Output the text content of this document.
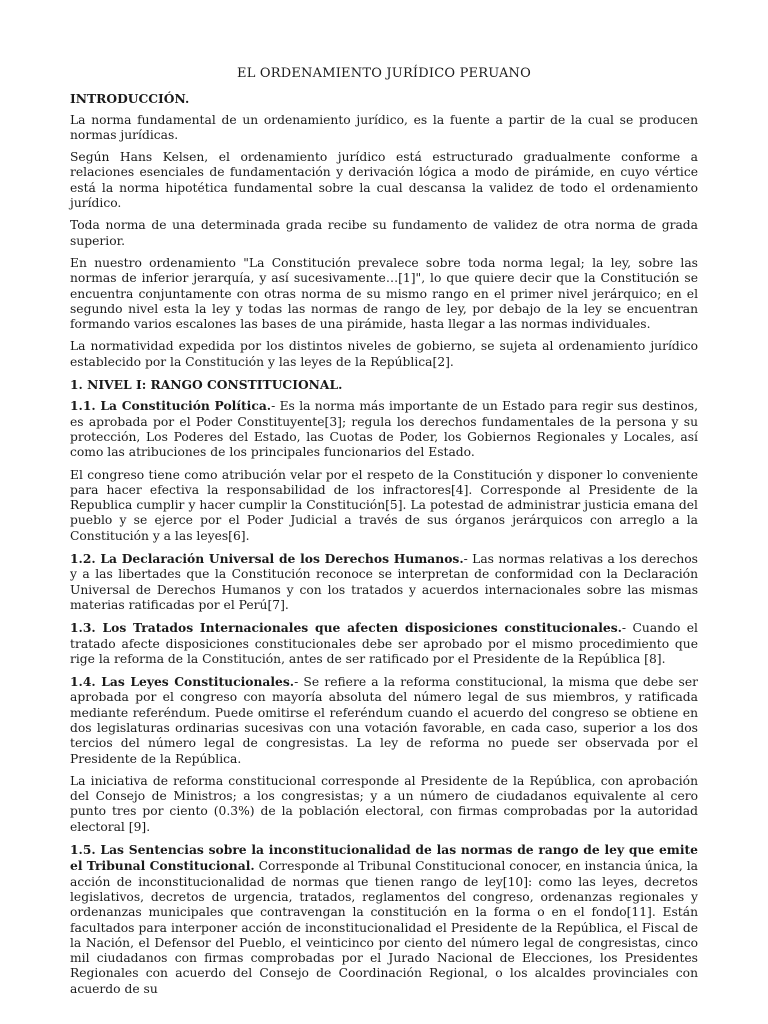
EL ORDENAMIENTO JURÍDICO PERUANO
INTRODUCCIÓN.

La norma fundamental de un ordenamiento jurídico, es la fuente a partir de la cual se producen normas jurídicas.

Según Hans Kelsen, el ordenamiento jurídico está estructurado gradualmente conforme a relaciones esenciales de fundamentación y derivación lógica a modo de pirámide, en cuyo vértice está la norma hipotética fundamental sobre la cual descansa la validez de todo el ordenamiento jurídico.

Toda norma de una determinada grada recibe su fundamento de validez de otra norma de grada superior.

En nuestro ordenamiento "La Constitución prevalece sobre toda norma legal; la ley, sobre las normas de inferior jerarquía, y así sucesivamente…[1]", lo que quiere decir que la Constitución se encuentra conjuntamente con otras norma de su mismo rango en el primer nivel jerárquico; en el segundo nivel esta la ley y todas las normas de rango de ley, por debajo de la ley se encuentran formando varios escalones las bases de una pirámide, hasta llegar a las normas individuales.

La normatividad expedida por los distintos niveles de gobierno, se sujeta al ordenamiento jurídico establecido por la Constitución y las leyes de la República[2].

1. NIVEL I: RANGO CONSTITUCIONAL.

1.1. La Constitución Política.- Es la norma más importante de un Estado para regir sus destinos, es aprobada por el Poder Constituyente[3]; regula los derechos fundamentales de la persona y su protección, Los Poderes del Estado, las Cuotas de Poder, los Gobiernos Regionales y Locales, así como las atribuciones de los principales funcionarios del Estado.

El congreso tiene como atribución velar por el respeto de la Constitución y disponer lo conveniente para hacer efectiva la responsabilidad de los infractores[4]. Corresponde al Presidente de la Republica cumplir y hacer cumplir la Constitución[5]. La potestad de administrar justicia emana del pueblo y se ejerce por el Poder Judicial a través de sus órganos jerárquicos con arreglo a la Constitución y a las leyes[6].

1.2. La Declaración Universal de los Derechos Humanos.- Las normas relativas a los derechos y a las libertades que la Constitución reconoce se interpretan de conformidad con la Declaración Universal de Derechos Humanos y con los tratados y acuerdos internacionales sobre las mismas materias ratificadas por el Perú[7].

1.3. Los Tratados Internacionales que afecten disposiciones constitucionales.- Cuando el tratado afecte disposiciones constitucionales debe ser aprobado por el mismo procedimiento que rige la reforma de la Constitución, antes de ser ratificado por el Presidente de la República [8].

1.4. Las Leyes Constitucionales.- Se refiere a la reforma constitucional, la misma que debe ser aprobada por el congreso con mayoría absoluta del número legal de sus miembros, y ratificada mediante referéndum. Puede omitirse el referéndum cuando el acuerdo del congreso se obtiene en dos legislaturas ordinarias sucesivas con una votación favorable, en cada caso, superior a los dos tercios del número legal de congresistas. La ley de reforma no puede ser observada por el Presidente de la República.

La iniciativa de reforma constitucional corresponde al Presidente de la República, con aprobación del Consejo de Ministros; a los congresistas; y a un número de ciudadanos equivalente al cero punto tres por ciento (0.3%) de la población electoral, con firmas comprobadas por la autoridad electoral [9].

1.5. Las Sentencias sobre la inconstitucionalidad de las normas de rango de ley que emite el Tribunal Constitucional. Corresponde al Tribunal Constitucional conocer, en instancia única, la acción de inconstitucionalidad de normas que tienen rango de ley[10]: como las leyes, decretos legislativos, decretos de urgencia, tratados, reglamentos del congreso, ordenanzas regionales y ordenanzas municipales que contravengan la constitución en la forma o en el fondo[11]. Están facultados para interponer acción de inconstitucionalidad el Presidente de la República, el Fiscal de la Nación, el Defensor del Pueblo, el veinticinco por ciento del número legal de congresistas, cinco mil ciudadanos con firmas comprobadas por el Jurado Nacional de Elecciones, los Presidentes Regionales con acuerdo del Consejo de Coordinación Regional, o los alcaldes provinciales con acuerdo de su
